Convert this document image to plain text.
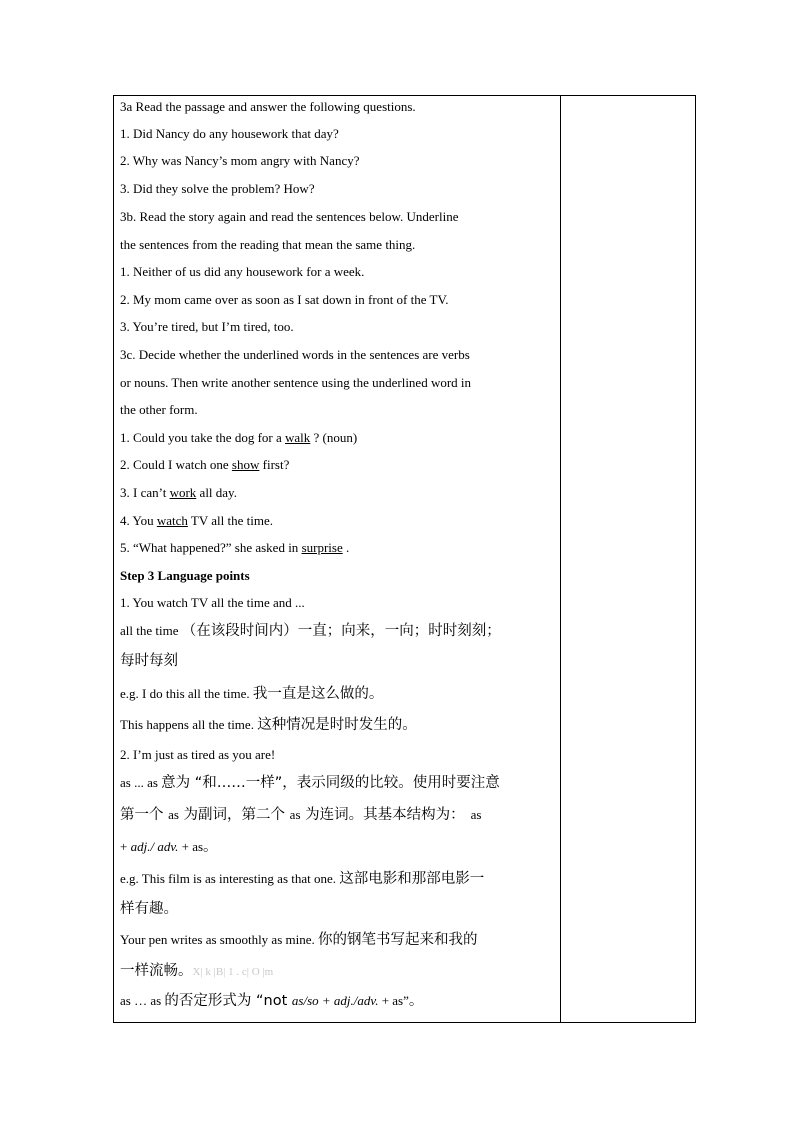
3a Read the passage and answer the following questions.
1. Did Nancy do any housework that day?
2. Why was Nancy’s mom angry with Nancy?
3. Did they solve the problem? How?
3b. Read the story again and read the sentences below. Underline
the sentences from the reading that mean the same thing.
1. Neither of us did any housework for a week.
2. My mom came over as soon as I sat down in front of the TV.
3. You’re tired, but I’m tired, too.
3c. Decide whether the underlined words in the sentences are verbs
or nouns. Then write another sentence using the underlined word in
the other form.
1. Could you take the dog for a walk ? (noun)
2. Could I watch one show first?
3. I can’t work all day.
4. You watch TV all the time.
5. “What happened?” she asked in surprise .
Step 3 Language points
1. You watch TV all the time and ...
all the time （在该段时间内）一直；向来，一向；时时刻刻；
每时每刻
e.g. I do this all the time. 我一直是这么做的。
This happens all the time. 这种情况是时时发生的。
2. I’m just as tired as you are!
as ... as 意为 “和……一样”，表示同级的比较。使用时要注意
第一个 as 为副词，第二个 as 为连词。其基本结构为： as
+ adj./ adv. + as。
e.g. This film is as interesting as that one. 这部电影和那部电影一
样有趣。
Your pen writes as smoothly as mine. 你的钢笔书写起来和我的
一样流畅。X| k |B| 1 . c| O |m
as … as 的否定形式为 “not as/so + adj./adv. + as”。
